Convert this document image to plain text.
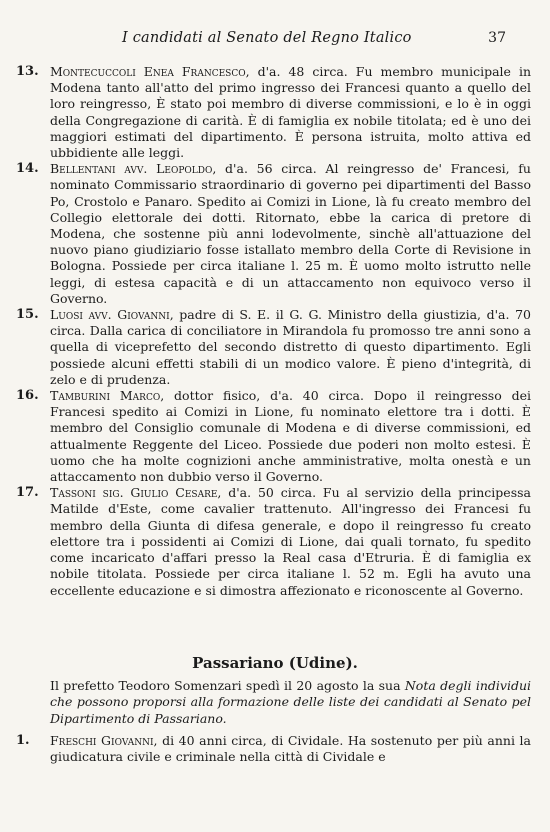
I candidati al Senato del Regno Italico	37
13. Montecuccoli Enea Francesco, d'a. 48 circa. Fu membro municipale in Modena tanto all'atto del primo ingresso dei Francesi quanto a quello del loro reingresso, È stato poi membro di diverse commissioni, e lo è in oggi della Congregazione di carità. È di famiglia ex nobile titolata; ed è uno dei maggiori estimati del dipartimento. È persona istruita, molto attiva ed ubbidiente alle leggi.
14. Bellentani avv. Leopoldo, d'a. 56 circa. Al reingresso de' Francesi, fu nominato Commissario straordinario di governo pei dipartimenti del Basso Po, Crostolo e Panaro. Spedito ai Comizi in Lione, là fu creato membro del Collegio elettorale dei dotti. Ritornato, ebbe la carica di pretore di Modena, che sostenne più anni lodevolmente, sinchè all'attuazione del nuovo piano giudiziario fosse istallato membro della Corte di Revisione in Bologna. Possiede per circa italiane l. 25 m. È uomo molto istrutto nelle leggi, di estesa capacità e di un attaccamento non equivoco verso il Governo.
15. Luosi avv. Giovanni, padre di S. E. il G. G. Ministro della giustizia, d'a. 70 circa. Dalla carica di conciliatore in Mirandola fu promosso tre anni sono a quella di viceprefetto del secondo distretto di questo dipartimento. Egli possiede alcuni effetti stabili di un modico valore. È pieno d'integrità, di zelo e di prudenza.
16. Tamburini Marco, dottor fisico, d'a. 40 circa. Dopo il reingresso dei Francesi spedito ai Comizi in Lione, fu nominato elettore tra i dotti. È membro del Consiglio comunale di Modena e di diverse commissioni, ed attualmente Reggente del Liceo. Possiede due poderi non molto estesi. È uomo che ha molte cognizioni anche amministrative, molta onestà e un attaccamento non dubbio verso il Governo.
17. Tassoni sig. Giulio Cesare, d'a. 50 circa. Fu al servizio della principessa Matilde d'Este, come cavalier trattenuto. All'ingresso dei Francesi fu membro della Giunta di difesa generale, e dopo il reingresso fu creato elettore tra i possidenti ai Comizi di Lione, dai quali tornato, fu spedito come incaricato d'affari presso la Real casa d'Etruria. È di famiglia ex nobile titolata. Possiede per circa italiane l. 52 m. Egli ha avuto una eccellente educazione e si dimostra affezionato e riconoscente al Governo.
Passariano (Udine).
Il prefetto Teodoro Somenzari spedì il 20 agosto la sua Nota degli individui che possono proporsi alla formazione delle liste dei candidati al Senato pel Dipartimento di Passariano.
1.	Freschi Giovanni, di 40 anni circa, di Cividale. Ha sostenuto per più anni la giudicatura civile e criminale nella città di Cividale e
